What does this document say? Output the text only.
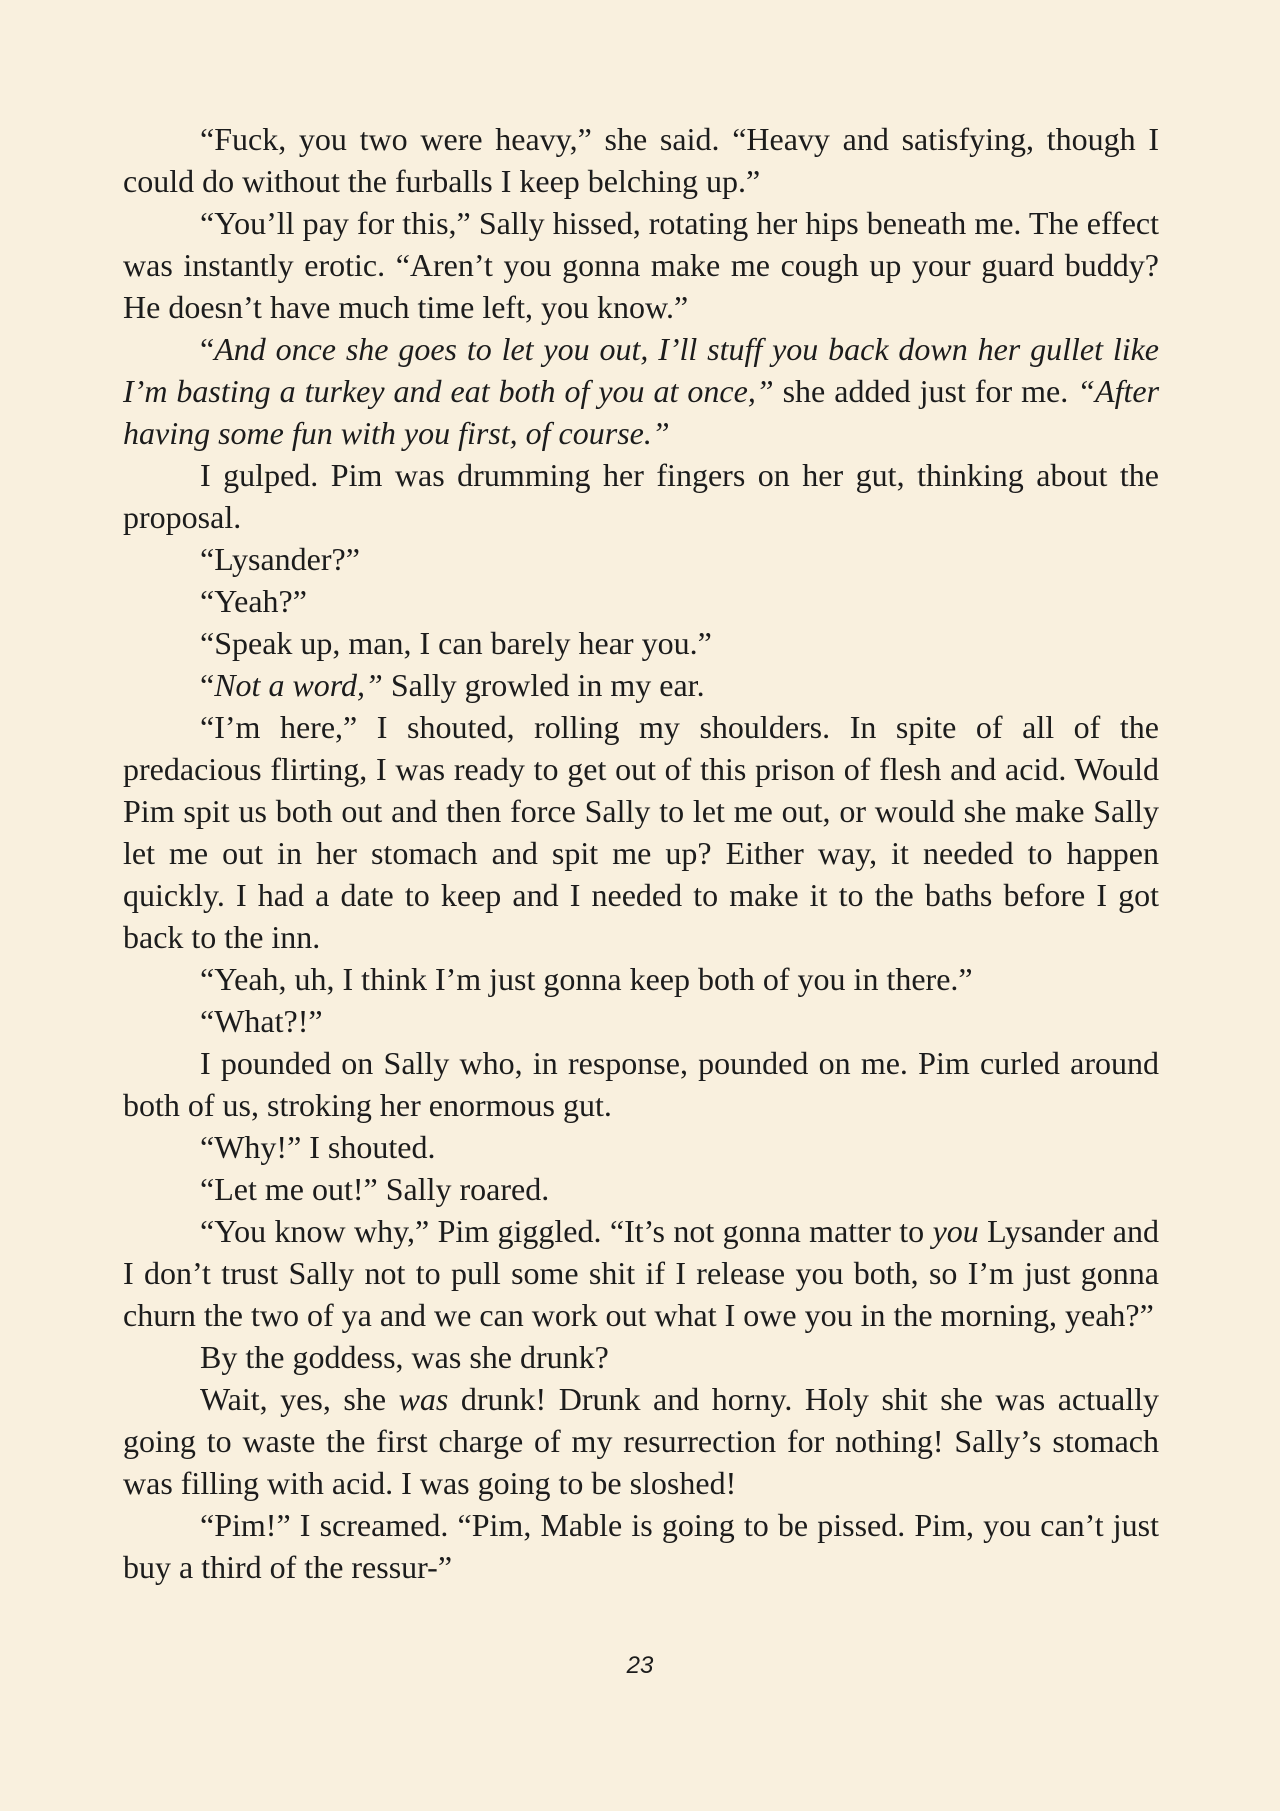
“Fuck, you two were heavy,” she said. “Heavy and satisfying, though I could do without the furballs I keep belching up.”

“You’ll pay for this,” Sally hissed, rotating her hips beneath me. The effect was instantly erotic. “Aren’t you gonna make me cough up your guard buddy? He doesn’t have much time left, you know.”

“And once she goes to let you out, I’ll stuff you back down her gullet like I’m basting a turkey and eat both of you at once,” she added just for me. “After having some fun with you first, of course.”

I gulped. Pim was drumming her fingers on her gut, thinking about the proposal.

“Lysander?”

“Yeah?”

“Speak up, man, I can barely hear you.”

“Not a word,” Sally growled in my ear.

“I’m here,” I shouted, rolling my shoulders. In spite of all of the predacious flirting, I was ready to get out of this prison of flesh and acid. Would Pim spit us both out and then force Sally to let me out, or would she make Sally let me out in her stomach and spit me up? Either way, it needed to happen quickly. I had a date to keep and I needed to make it to the baths before I got back to the inn.

“Yeah, uh, I think I’m just gonna keep both of you in there.”

“What?!”

I pounded on Sally who, in response, pounded on me. Pim curled around both of us, stroking her enormous gut.

“Why!” I shouted.

“Let me out!” Sally roared.

“You know why,” Pim giggled. “It’s not gonna matter to you Lysander and I don’t trust Sally not to pull some shit if I release you both, so I’m just gonna churn the two of ya and we can work out what I owe you in the morning, yeah?”

By the goddess, was she drunk?

Wait, yes, she was drunk! Drunk and horny. Holy shit she was actually going to waste the first charge of my resurrection for nothing! Sally’s stomach was filling with acid. I was going to be sloshed!

“Pim!” I screamed. “Pim, Mable is going to be pissed. Pim, you can’t just buy a third of the ressur-”

23
